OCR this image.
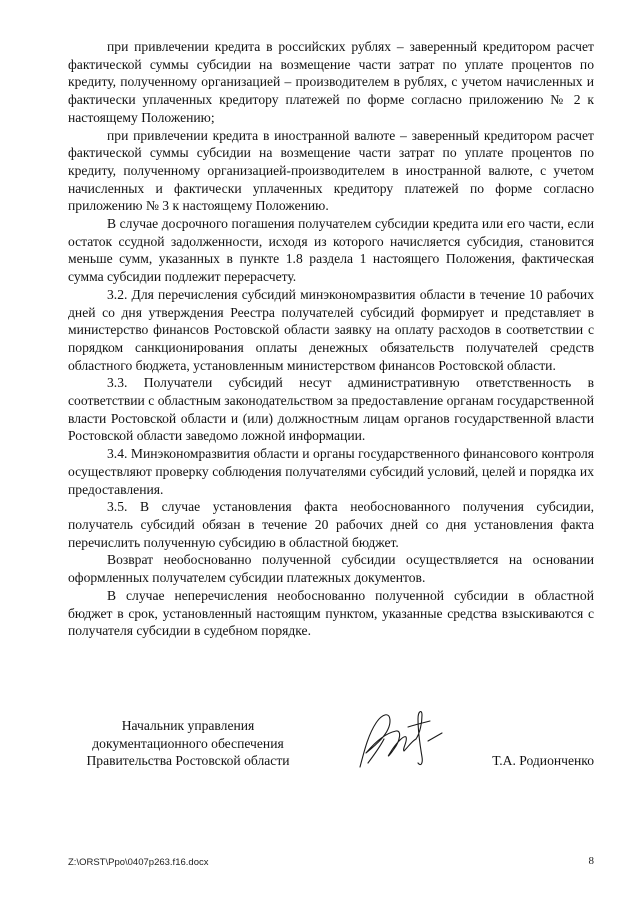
при привлечении кредита в российских рублях – заверенный кредитором расчет фактической суммы субсидии на возмещение части затрат по уплате процентов по кредиту, полученному организацией – производителем в рублях, с учетом начисленных и фактически уплаченных кредитору платежей по форме согласно приложению № 2 к настоящему Положению;

при привлечении кредита в иностранной валюте – заверенный кредитором расчет фактической суммы субсидии на возмещение части затрат по уплате процентов по кредиту, полученному организацией-производителем в иностранной валюте, с учетом начисленных и фактически уплаченных кредитору платежей по форме согласно приложению № 3 к настоящему Положению.

В случае досрочного погашения получателем субсидии кредита или его части, если остаток ссудной задолженности, исходя из которого начисляется субсидия, становится меньше сумм, указанных в пункте 1.8 раздела 1 настоящего Положения, фактическая сумма субсидии подлежит перерасчету.

3.2. Для перечисления субсидий минэкономразвития области в течение 10 рабочих дней со дня утверждения Реестра получателей субсидий формирует и представляет в министерство финансов Ростовской области заявку на оплату расходов в соответствии с порядком санкционирования оплаты денежных обязательств получателей средств областного бюджета, установленным министерством финансов Ростовской области.

3.3. Получатели субсидий несут административную ответственность в соответствии с областным законодательством за предоставление органам государственной власти Ростовской области и (или) должностным лицам органов государственной власти Ростовской области заведомо ложной информации.

3.4. Минэкономразвития области и органы государственного финансового контроля осуществляют проверку соблюдения получателями субсидий условий, целей и порядка их предоставления.

3.5. В случае установления факта необоснованного получения субсидии, получатель субсидий обязан в течение 20 рабочих дней со дня установления факта перечислить полученную субсидию в областной бюджет.

Возврат необоснованно полученной субсидии осуществляется на основании оформленных получателем субсидии платежных документов.

В случае неперечисления необоснованно полученной субсидии в областной бюджет в срок, установленный настоящим пунктом, указанные средства взыскиваются с получателя субсидии в судебном порядке.

Начальник управления
документационного обеспечения
Правительства Ростовской области	Т.А. Родионченко
Z:\ORST\Ppo\0407p263.f16.docx	8
